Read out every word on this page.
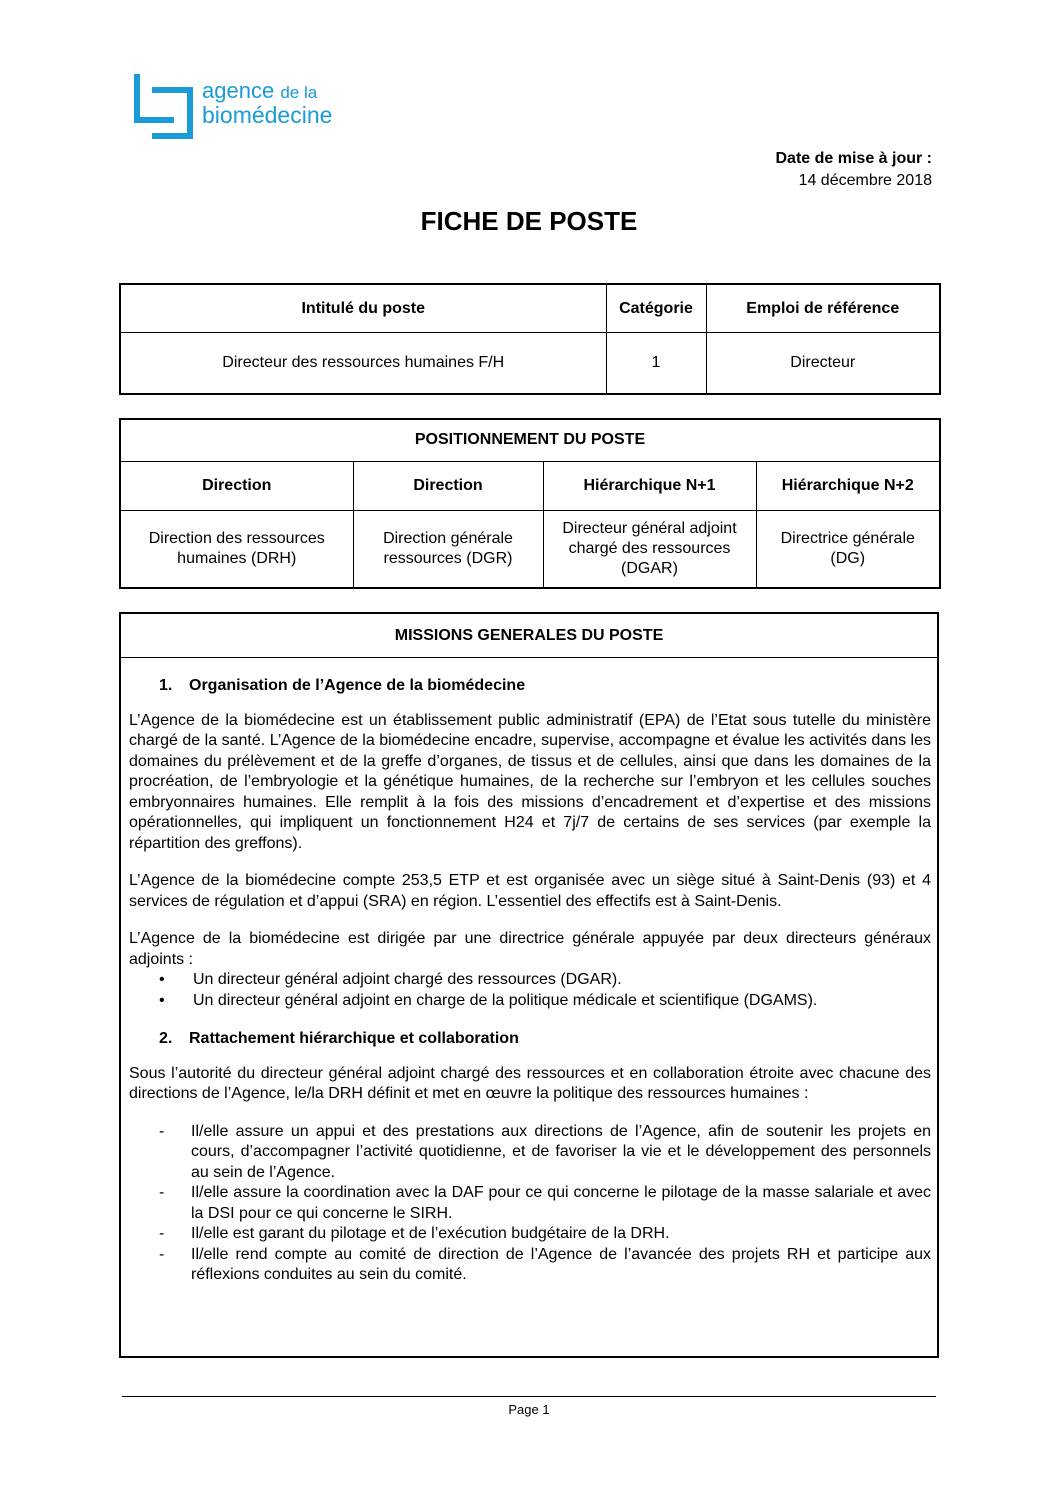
agence de la
biomédecine
Date de mise à jour :
14 décembre 2018
FICHE DE POSTE
Intitulé du poste	Catégorie	Emploi de référence
Directeur des ressources humaines F/H	1	Directeur
POSITIONNEMENT DU POSTE			
Direction	Direction	Hiérarchique N+1	Hiérarchique N+2
Direction des ressources humaines (DRH)	Direction générale ressources (DGR)	Directeur général adjoint chargé des ressources (DGAR)	Directrice générale (DG)
MISSIONS GENERALES DU POSTE
1. Organisation de l’Agence de la biomédecine
L’Agence de la biomédecine est un établissement public administratif (EPA) de l’Etat sous tutelle du ministère chargé de la santé. L’Agence de la biomédecine encadre, supervise, accompagne et évalue les activités dans les domaines du prélèvement et de la greffe d’organes, de tissus et de cellules, ainsi que dans les domaines de la procréation, de l’embryologie et la génétique humaines, de la recherche sur l’embryon et les cellules souches embryonnaires humaines. Elle remplit à la fois des missions d’encadrement et d’expertise et des missions opérationnelles, qui impliquent un fonctionnement H24 et 7j/7 de certains de ses services (par exemple la répartition des greffons).
L’Agence de la biomédecine compte 253,5 ETP et est organisée avec un siège situé à Saint-Denis (93) et 4 services de régulation et d’appui (SRA) en région. L’essentiel des effectifs est à Saint-Denis.
L’Agence de la biomédecine est dirigée par une directrice générale appuyée par deux directeurs généraux adjoints :
•	Un directeur général adjoint chargé des ressources (DGAR).
•	Un directeur général adjoint en charge de la politique médicale et scientifique (DGAMS).
2. Rattachement hiérarchique et collaboration
Sous l’autorité du directeur général adjoint chargé des ressources et en collaboration étroite avec chacune des directions de l’Agence, le/la DRH définit et met en œuvre la politique des ressources humaines :
-	Il/elle assure un appui et des prestations aux directions de l’Agence, afin de soutenir les projets en cours, d’accompagner l’activité quotidienne, et de favoriser la vie et le développement des personnels au sein de l’Agence.
-	Il/elle assure la coordination avec la DAF pour ce qui concerne le pilotage de la masse salariale et avec la DSI pour ce qui concerne le SIRH.
-	Il/elle est garant du pilotage et de l’exécution budgétaire de la DRH.
-	Il/elle rend compte au comité de direction de l’Agence de l’avancée des projets RH et participe aux réflexions conduites au sein du comité.
Page 1
